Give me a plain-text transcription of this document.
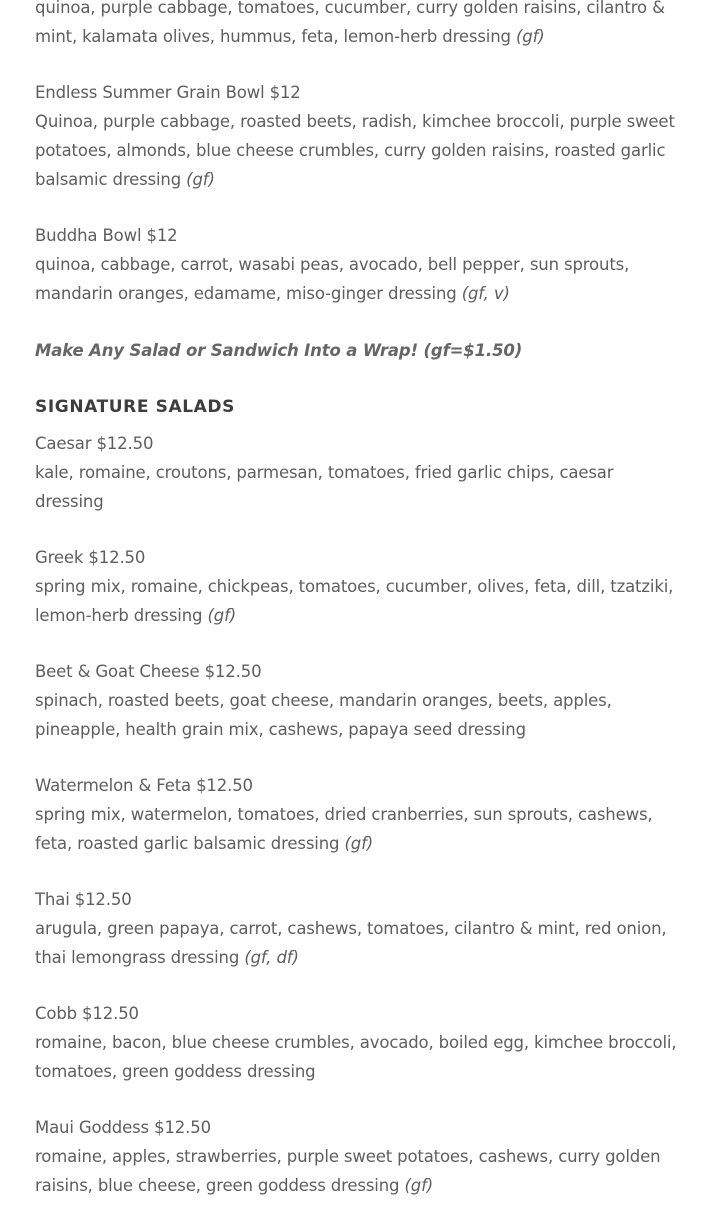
quinoa, purple cabbage, tomatoes, cucumber, curry golden raisins, cilantro & mint, kalamata olives, hummus, feta, lemon-herb dressing (gf)

Endless Summer Grain Bowl $12

Quinoa, purple cabbage, roasted beets, radish, kimchee broccoli, purple sweet potatoes, almonds, blue cheese crumbles, curry golden raisins, roasted garlic balsamic dressing (gf)

Buddha Bowl $12

quinoa, cabbage, carrot, wasabi peas, avocado, bell pepper, sun sprouts, mandarin oranges, edamame, miso-ginger dressing (gf, v)

Make Any Salad or Sandwich Into a Wrap! (gf=$1.50)
SIGNATURE SALADS

Caesar $12.50

kale, romaine, croutons, parmesan, tomatoes, fried garlic chips, caesar dressing

Greek $12.50

spring mix, romaine, chickpeas, tomatoes, cucumber, olives, feta, dill, tzatziki, lemon-herb dressing (gf)

Beet & Goat Cheese $12.50

spinach, roasted beets, goat cheese, mandarin oranges, beets, apples, pineapple, health grain mix, cashews, papaya seed dressing

Watermelon & Feta $12.50

spring mix, watermelon, tomatoes, dried cranberries, sun sprouts, cashews, feta, roasted garlic balsamic dressing (gf)

Thai $12.50

arugula, green papaya, carrot, cashews, tomatoes, cilantro & mint, red onion, thai lemongrass dressing (gf, df)

Cobb $12.50

romaine, bacon, blue cheese crumbles, avocado, boiled egg, kimchee broccoli, tomatoes, green goddess dressing

Maui Goddess $12.50

romaine, apples, strawberries, purple sweet potatoes, cashews, curry golden raisins, blue cheese, green goddess dressing (gf)
